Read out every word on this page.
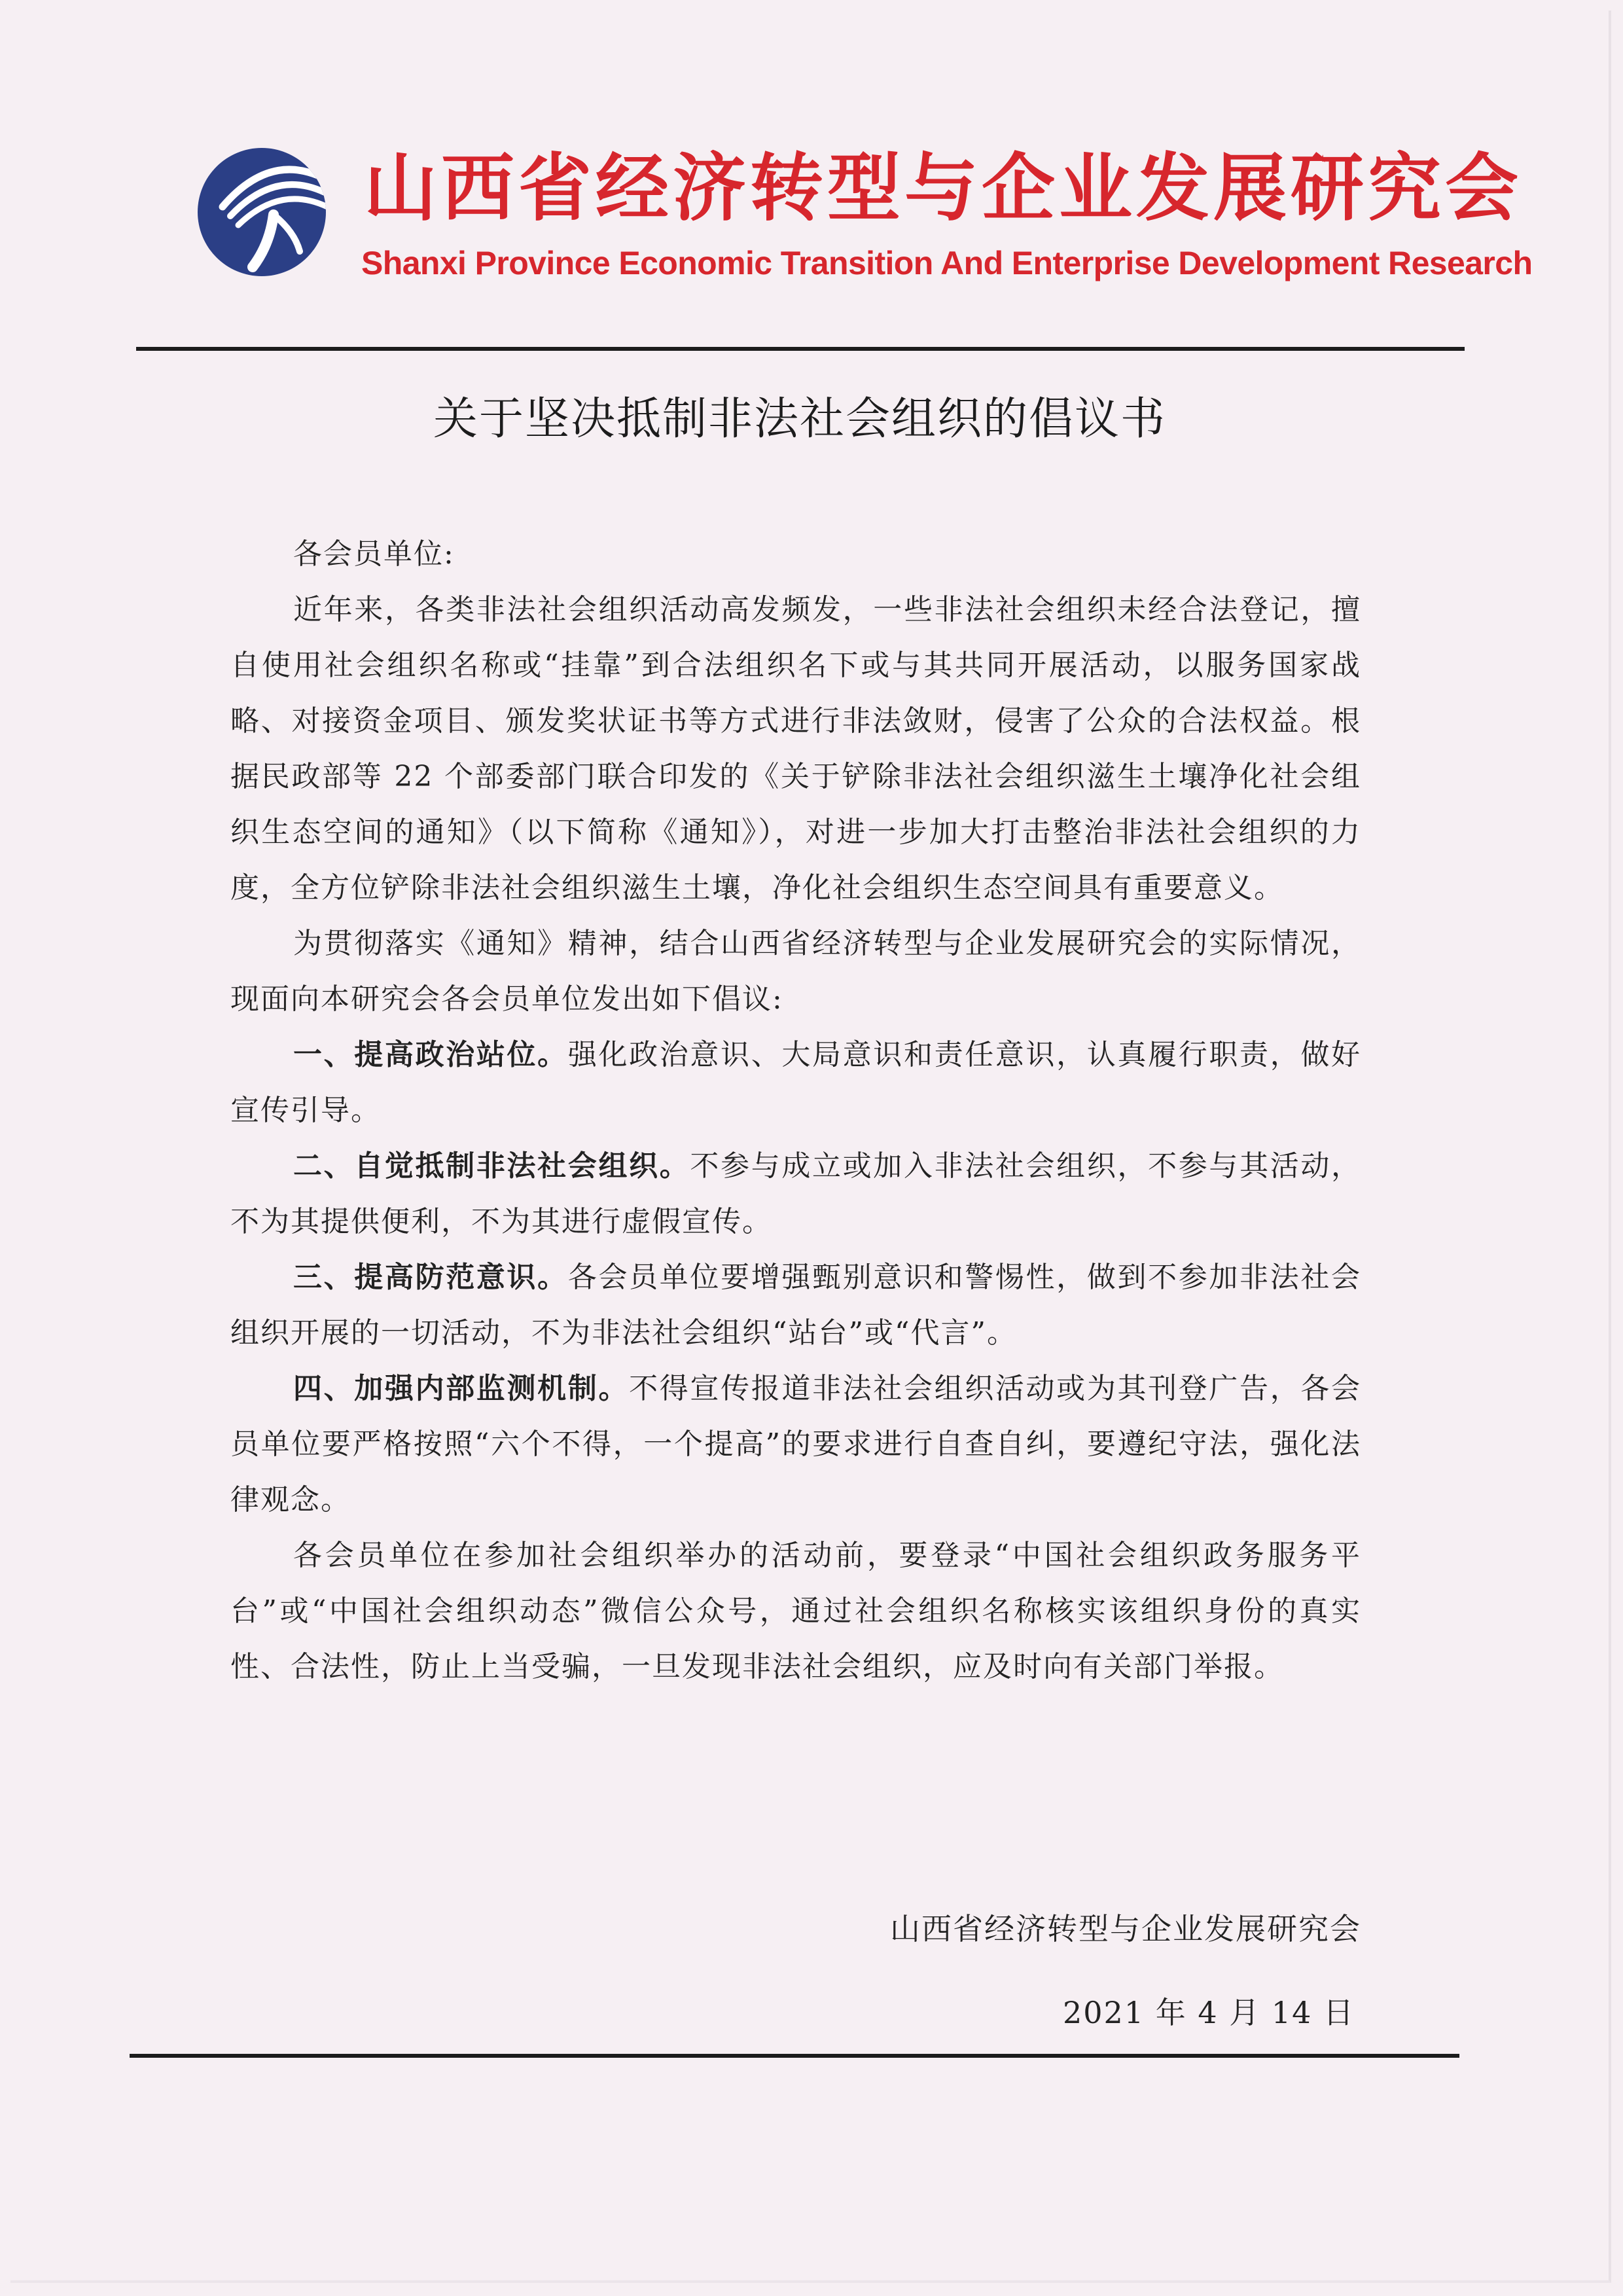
山西省经济转型与企业发展研究会
Shanxi Province Economic Transition And Enterprise Development Research
关于坚决抵制非法社会组织的倡议书

各会员单位:

近年来，各类非法社会组织活动高发频发，一些非法社会组织未经合法登记，擅自使用社会组织名称或“挂靠”到合法组织名下或与其共同开展活动，以服务国家战略、对接资金项目、颁发奖状证书等方式进行非法敛财，侵害了公众的合法权益。根据民政部等 22 个部委部门联合印发的《关于铲除非法社会组织滋生土壤净化社会组织生态空间的通知》（以下简称《通知》），对进一步加大打击整治非法社会组织的力度，全方位铲除非法社会组织滋生土壤，净化社会组织生态空间具有重要意义。

为贯彻落实《通知》精神，结合山西省经济转型与企业发展研究会的实际情况，现面向本研究会各会员单位发出如下倡议:

一、提高政治站位。强化政治意识、大局意识和责任意识，认真履行职责，做好宣传引导。

二、自觉抵制非法社会组织。不参与成立或加入非法社会组织，不参与其活动，不为其提供便利，不为其进行虚假宣传。

三、提高防范意识。各会员单位要增强甄别意识和警惕性，做到不参加非法社会组织开展的一切活动，不为非法社会组织“站台”或“代言”。

四、加强内部监测机制。不得宣传报道非法社会组织活动或为其刊登广告，各会员单位要严格按照“六个不得，一个提高”的要求进行自查自纠，要遵纪守法，强化法律观念。

各会员单位在参加社会组织举办的活动前，要登录“中国社会组织政务服务平台”或“中国社会组织动态”微信公众号，通过社会组织名称核实该组织身份的真实性、合法性，防止上当受骗，一旦发现非法社会组织，应及时向有关部门举报。

山西省经济转型与企业发展研究会
2021 年 4 月 14 日
